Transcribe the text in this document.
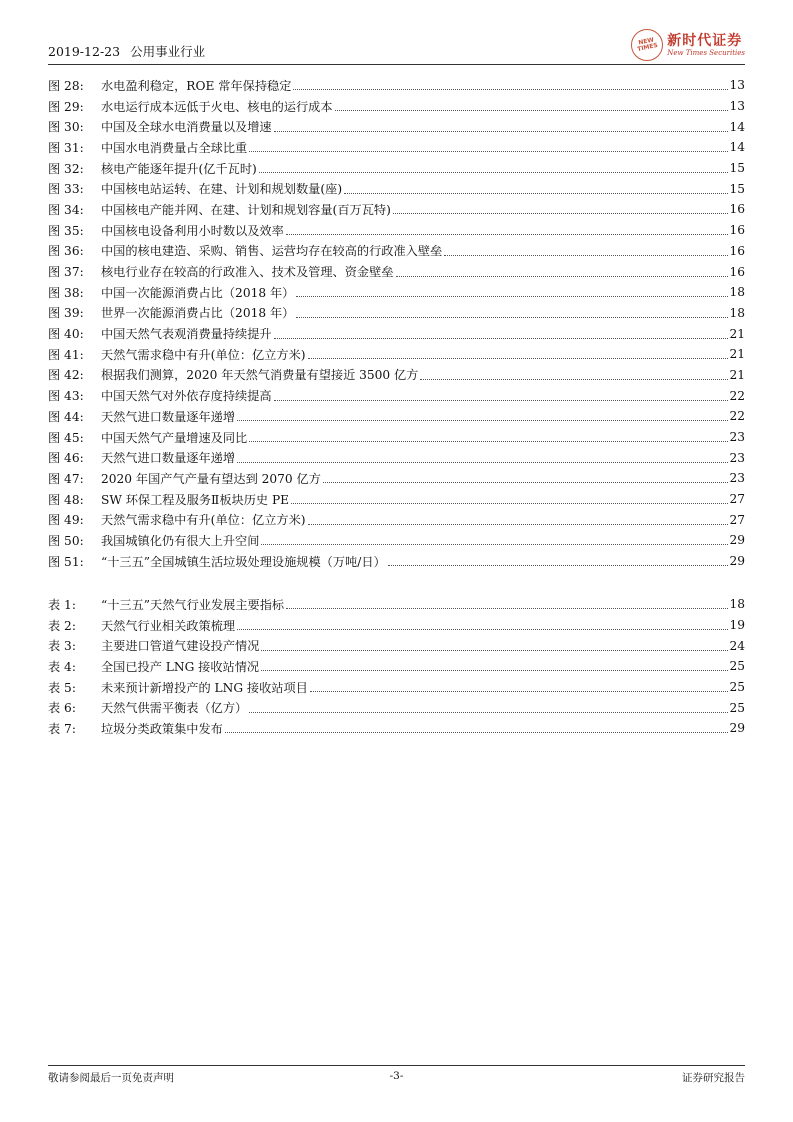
2019-12-23 公用事业行业
NEW TIMES 新时代证券
New Times Securities
图 28:	水电盈利稳定，ROE 常年保持稳定	13
图 29:	水电运行成本远低于火电、核电的运行成本	13
图 30:	中国及全球水电消费量以及增速	14
图 31:	中国水电消费量占全球比重	14
图 32:	核电产能逐年提升(亿千瓦时)	15
图 33:	中国核电站运转、在建、计划和规划数量(座)	15
图 34:	中国核电产能并网、在建、计划和规划容量(百万瓦特)	16
图 35:	中国核电设备利用小时数以及效率	16
图 36:	中国的核电建造、采购、销售、运营均存在较高的行政准入壁垒	16
图 37:	核电行业存在较高的行政准入、技术及管理、资金壁垒	16
图 38:	中国一次能源消费占比（2018 年）	18
图 39:	世界一次能源消费占比（2018 年）	18
图 40:	中国天然气表观消费量持续提升	21
图 41:	天然气需求稳中有升(单位：亿立方米)	21
图 42:	根据我们测算，2020 年天然气消费量有望接近 3500 亿方	21
图 43:	中国天然气对外依存度持续提高	22
图 44:	天然气进口数量逐年递增	22
图 45:	中国天然气产量增速及同比	23
图 46:	天然气进口数量逐年递增	23
图 47:	2020 年国产气产量有望达到 2070 亿方	23
图 48:	SW 环保工程及服务Ⅱ板块历史 PE	27
图 49:	天然气需求稳中有升(单位：亿立方米)	27
图 50:	我国城镇化仍有很大上升空间	29
图 51:	“十三五”全国城镇生活垃圾处理设施规模（万吨/日）	29
表 1:	“十三五”天然气行业发展主要指标	18
表 2:	天然气行业相关政策梳理	19
表 3:	主要进口管道气建设投产情况	24
表 4:	全国已投产 LNG 接收站情况	25
表 5:	未来预计新增投产的 LNG 接收站项目	25
表 6:	天然气供需平衡表（亿方）	25
表 7:	垃圾分类政策集中发布	29
敬请参阅最后一页免责声明	-3-	证券研究报告
